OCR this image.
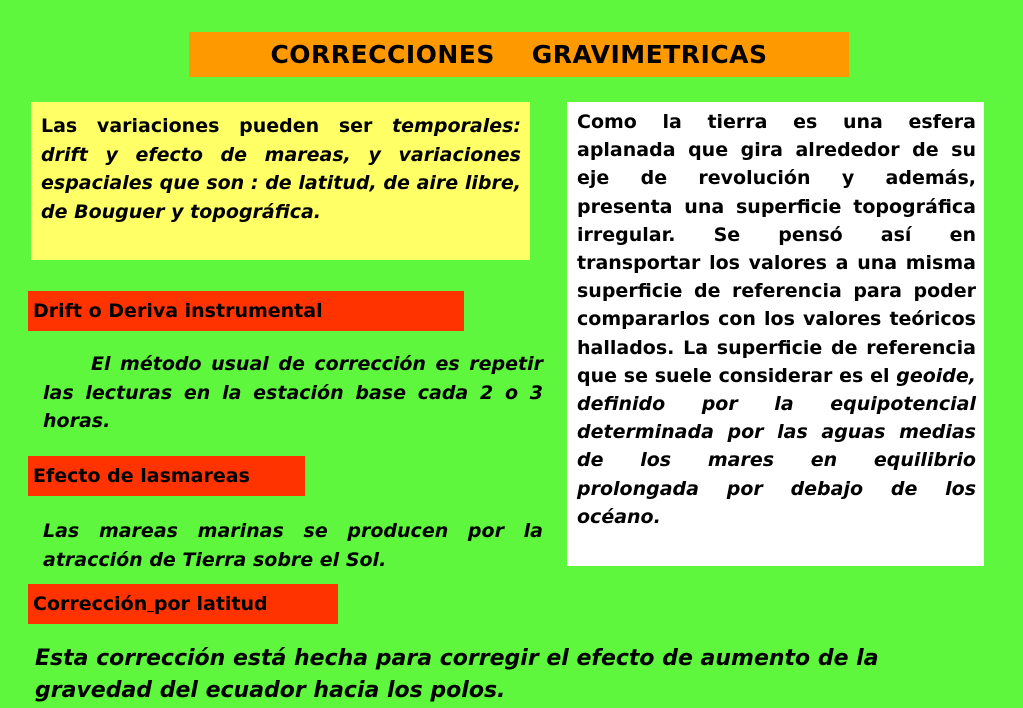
CORRECCIONES    GRAVIMETRICAS
Las variaciones pueden ser temporales: drift y efecto de mareas, y variaciones espaciales que son : de latitud, de aire libre, de Bouguer y topográfica.
Como la tierra es una esfera aplanada que gira alrededor de su eje de revolución y además, presenta una superficie topográfica irregular. Se pensó así en transportar los valores a una misma superficie de referencia para poder compararlos con los valores teóricos hallados. La superficie de referencia que se suele considerar es el geoide, definido por la equipotencial determinada por las aguas medias de los mares en equilibrio prolongada por debajo de los océano.
Drift o Deriva instrumental
El método usual de corrección es repetir las lecturas en la estación base cada 2 o 3 horas.
Efecto de lasmareas
Las mareas marinas se producen por la atracción de Tierra sobre el Sol.
Corrección
por latitud
Esta corrección está hecha para corregir el efecto de aumento de la gravedad del ecuador hacia los polos.
